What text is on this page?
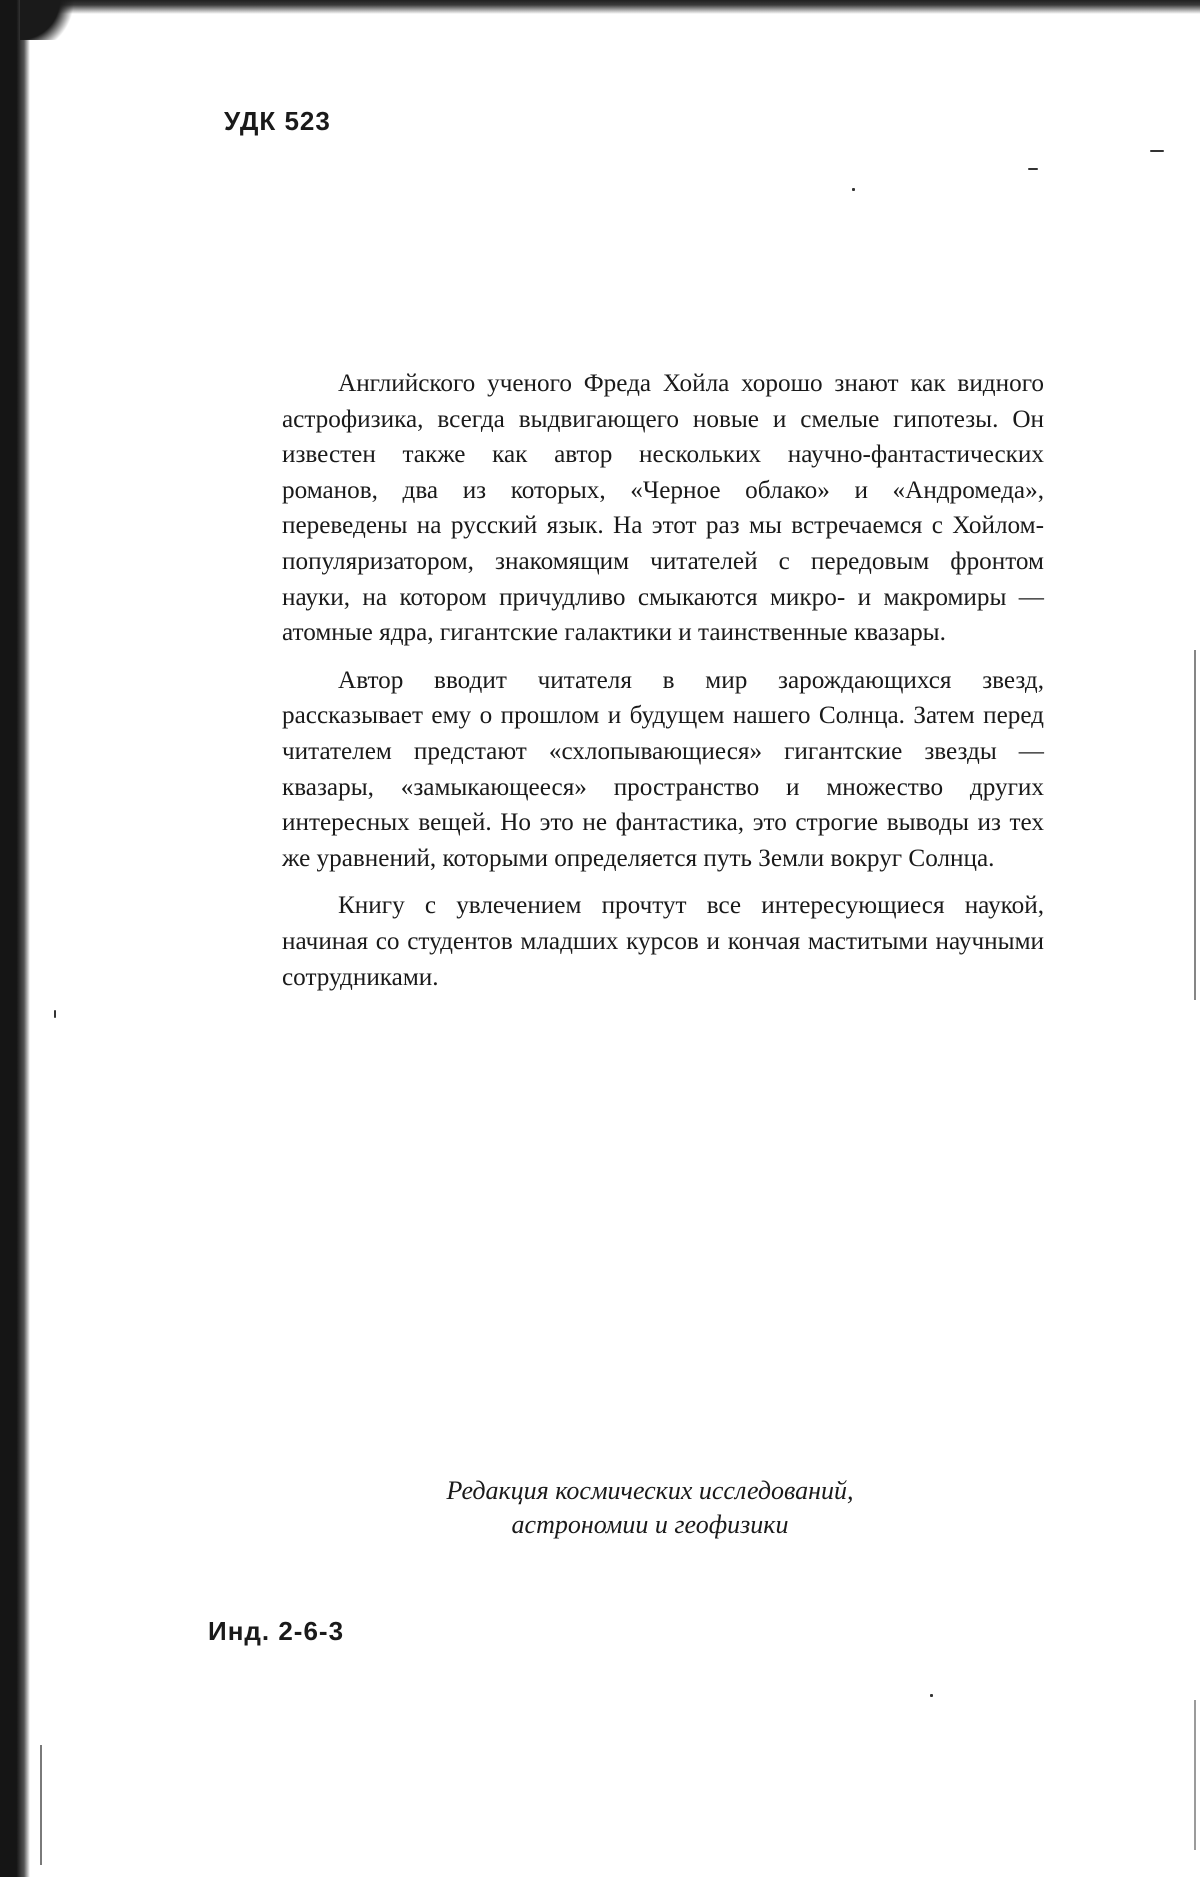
УДК 523

Английского ученого Фреда Хойла хорошо знают как видного астрофизика, всегда выдвигающего новые и смелые гипотезы. Он известен также как автор нескольких научно-фантастических романов, два из которых, «Черное облако» и «Андромеда», переведены на русский язык. На этот раз мы встречаемся с Хойлом-популяризатором, знакомящим читателей с передовым фронтом науки, на котором причудливо смыкаются микро- и макромиры — атомные ядра, гигантские галактики и таинственные квазары.

Автор вводит читателя в мир зарождающихся звезд, рассказывает ему о прошлом и будущем нашего Солнца. Затем перед читателем предстают «схлопывающиеся» гигантские звезды — квазары, «замыкающееся» пространство и множество других интересных вещей. Но это не фантастика, это строгие выводы из тех же уравнений, которыми определяется путь Земли вокруг Солнца.

Книгу с увлечением прочтут все интересующиеся наукой, начиная со студентов младших курсов и кончая маститыми научными сотрудниками.

Редакция космических исследований,
астрономии и геофизики
Инд. 2-6-3
